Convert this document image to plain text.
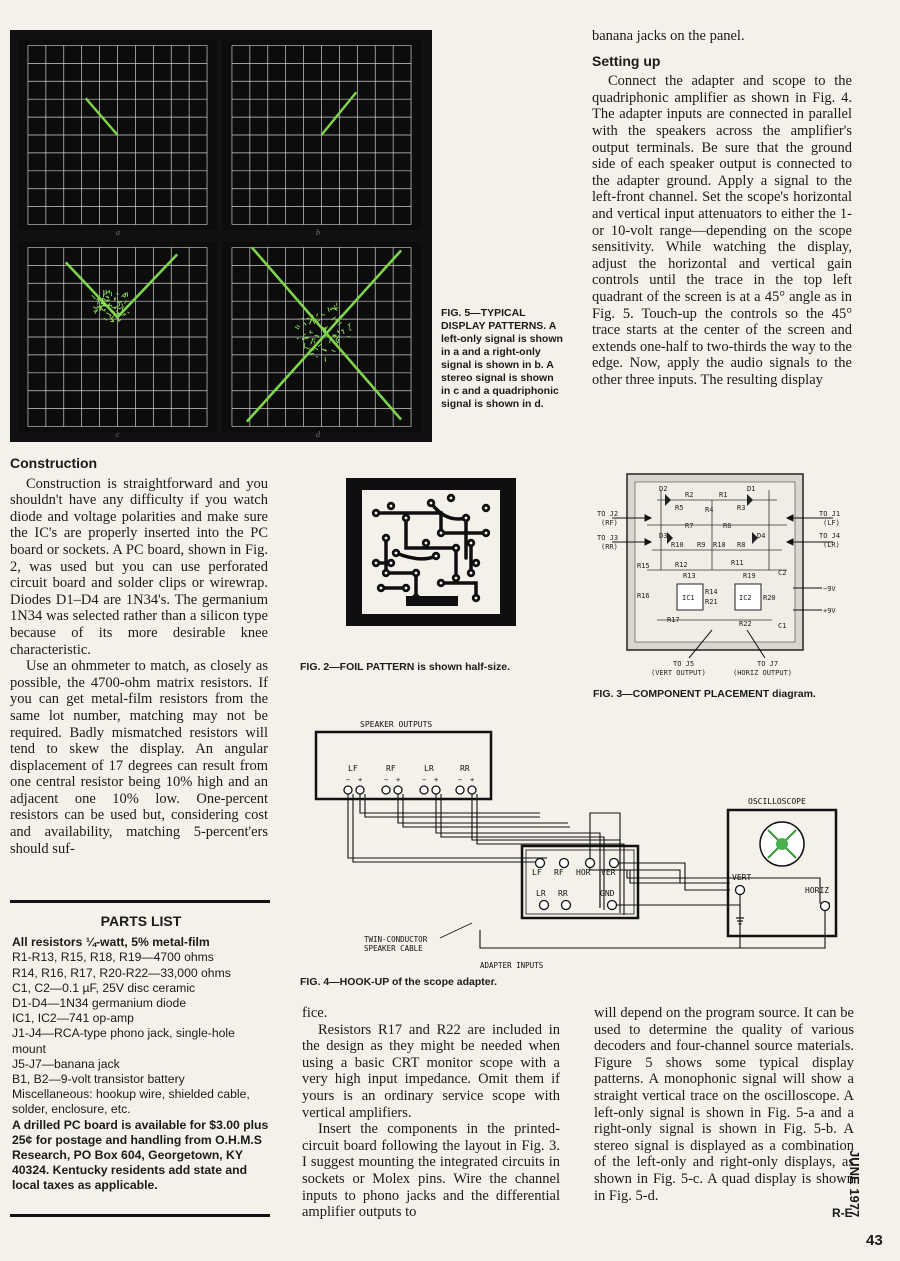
a	b
c	d
FIG. 5—TYPICAL DISPLAY PATTERNS. A left-only signal is shown in a and a right-only signal is shown in b. A stereo signal is shown in c and a quadriphonic signal is shown in d.

banana jacks on the panel.

Setting up

Connect the adapter and scope to the quadriphonic amplifier as shown in Fig. 4. The adapter inputs are connected in parallel with the speakers across the amplifier's output terminals. Be sure that the ground side of each speaker output is connected to the adapter ground. Apply a signal to the left-front channel. Set the scope's horizontal and vertical input attenuators to either the 1- or 10-volt range—depending on the scope sensitivity. While watching the display, adjust the horizontal and vertical gain controls until the trace in the top left quadrant of the screen is at a 45° angle as in Fig. 5. Touch-up the controls so the 45° trace starts at the center of the screen and extends one-half to two-thirds the way to the edge. Now, apply the audio signals to the other three inputs. The resulting display

Construction

Construction is straightforward and you shouldn't have any difficulty if you watch diode and voltage polarities and make sure the IC's are properly inserted into the PC board or sockets. A PC board, shown in Fig. 2, was used but you can use perforated circuit board and solder clips or wirewrap. Diodes D1–D4 are 1N34's. The germanium 1N34 was selected rather than a silicon type because of its more desirable knee characteristic.

Use an ohmmeter to match, as closely as possible, the 4700-ohm matrix resistors. If you can get metal-film resistors from the same lot number, matching may not be required. Badly mismatched resistors will tend to skew the display. An angular displacement of 17 degrees can result from one central resistor being 10% high and an adjacent one 10% low. One-percent resistors can be used but, considering cost and availability, matching 5-percent'ers should suf-

FIG. 2—FOIL PATTERN is shown half-size.
TO J2
(RF)
TO J3
(RR)
TO J1
(LF)
TO J4
(LR)
−9V
+9V
TO J5
(VERT OUTPUT)
TO J7
(HORIZ OUTPUT)
D2	D1
D3	D4
R2	R1
R5	R4	R3
R7	R6
R10 R9 R18 R8
R15	R12	R11
R13	R19	C2
R16	IC1
R14
R21	IC2 R20
R17	R22	C1
FIG. 3—COMPONENT PLACEMENT diagram.
SPEAKER OUTPUTS
LF	RF	LR	RR
− +	− +	− +	− +
LF RF HOR VER
LR RR	GND
OSCILLOSCOPE
VERT
HORIZ
TWIN-CONDUCTOR
SPEAKER CABLE
ADAPTER INPUTS
FIG. 4—HOOK-UP of the scope adapter.
PARTS LIST
All resistors ¼-watt, 5% metal-film
R1-R13, R15, R18, R19—4700 ohms
R14, R16, R17, R20-R22—33,000 ohms
C1, C2—0.1 µF, 25V disc ceramic
D1-D4—1N34 germanium diode
IC1, IC2—741 op-amp
J1-J4—RCA-type phono jack, single-hole mount
J5-J7—banana jack
B1, B2—9-volt transistor battery
Miscellaneous: hookup wire, shielded cable, solder, enclosure, etc.
A drilled PC board is available for $3.00 plus 25¢ for postage and handling from O.H.M.S Research, PO Box 604, Georgetown, KY 40324. Kentucky residents add state and local taxes as applicable.

fice.

Resistors R17 and R22 are included in the design as they might be needed when using a basic CRT monitor scope with a very high input impedance. Omit them if yours is an ordinary service scope with vertical amplifiers.

Insert the components in the printed-circuit board following the layout in Fig. 3. I suggest mounting the integrated circuits in sockets or Molex pins. Wire the channel inputs to phono jacks and the differential amplifier outputs to

will depend on the program source. It can be used to determine the quality of various decoders and four-channel source materials. Figure 5 shows some typical display patterns. A monophonic signal will show a straight vertical trace on the oscilloscope. A left-only signal is shown in Fig. 5-a and a right-only signal is shown in Fig. 5-b. A stereo signal is displayed as a combination of the left-only and right-only displays, as shown in Fig. 5-c. A quad display is shown in Fig. 5-d.

R-E
JUNE 1977
43
